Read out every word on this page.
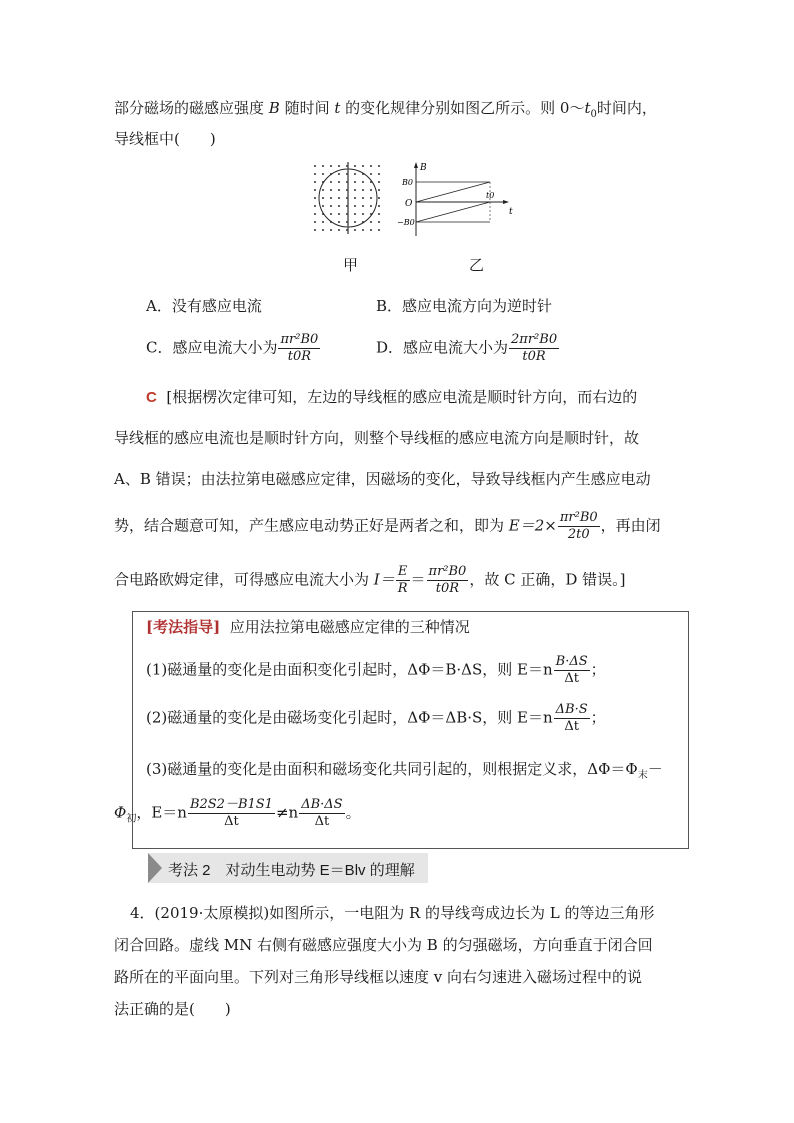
部分磁场的磁感应强度 B 随时间 t 的变化规律分别如图乙所示。则 $0\sim t_0$时间内，
导线框中(　　)
B
t
O
B0
−B0
t0
甲	乙
A．没有感应电流	B．感应电流方向为逆时针
C．感应电流大小为 $\frac{\text{πr²B0}}{t0R}$	D．感应电流大小为 $\frac{\text{2πr²B0}}{t0R}$
C [根据楞次定律可知，左边的导线框的感应电流是顺时针方向，而右边的
导线框的感应电流也是顺时针方向，则整个导线框的感应电流方向是顺时针，故
A、B 错误；由法拉第电磁感应定律，因磁场的变化，导致导线框内产生感应电动
势，结合题意可知，产生感应电动势正好是两者之和，即为 $E=2\times \frac{\text{πr²B0}}{2t0}$ ，再由闭
合电路欧姆定律，可得感应电流大小为 $I= \frac{E}{R} = \frac{\text{πr²B0}}{t0R}$ ，故 C 正确，D 错误。]
[考法指导] 应用法拉第电磁感应定律的三种情况
(1)磁通量的变化是由面积变化引起时，ΔΦ＝B·ΔS，则 $E=n \frac{B\cdot\Delta S}{\Delta t}$ ；
(2)磁通量的变化是由磁场变化引起时，ΔΦ＝ΔB·S，则 $E=n \frac{\Delta B\cdot S}{\Delta t}$ ；
(3)磁通量的变化是由面积和磁场变化共同引起的，则根据定义求，$\Delta\Phi=\Phi_末-$
$\Phi_初$，$E=n \frac{B2S2-B1S1}{\Delta t} \ne n \frac{\Delta B\cdot\Delta S}{\Delta t}$ 。
考法 2　对动生电动势 E＝Blv 的理解
4．(2019·太原模拟)如图所示，一电阻为 R 的导线弯成边长为 L 的等边三角形
闭合回路。虚线 MN 右侧有磁感应强度大小为 B 的匀强磁场，方向垂直于闭合回
路所在的平面向里。下列对三角形导线框以速度 v 向右匀速进入磁场过程中的说
法正确的是(　　)
